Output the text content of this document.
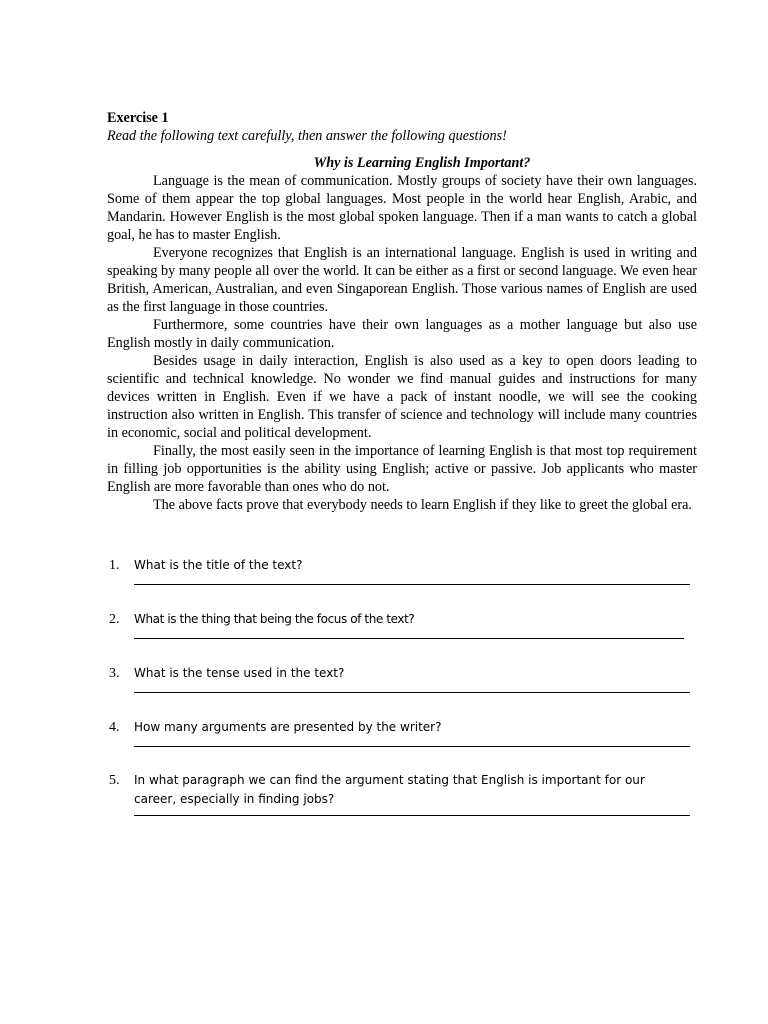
Exercise 1

Read the following text carefully, then answer the following questions!

Why is Learning English Important?

Language is the mean of communication. Mostly groups of society have their own languages. Some of them appear the top global languages. Most people in the world hear English, Arabic, and Mandarin. However English is the most global spoken language. Then if a man wants to catch a global goal, he has to master English.

Everyone recognizes that English is an international language. English is used in writing and speaking by many people all over the world. It can be either as a first or second language. We even hear British, American, Australian, and even Singaporean English. Those various names of English are used as the first language in those countries.

Furthermore, some countries have their own languages as a mother language but also use English mostly in daily communication.

Besides usage in daily interaction, English is also used as a key to open doors leading to scientific and technical knowledge. No wonder we find manual guides and instructions for many devices written in English. Even if we have a pack of instant noodle, we will see the cooking instruction also written in English. This transfer of science and technology will include many countries in economic, social and political development.

Finally, the most easily seen in the importance of learning English is that most top requirement in filling job opportunities is the ability using English; active or passive. Job applicants who master English are more favorable than ones who do not.

The above facts prove that everybody needs to learn English if they like to greet the global era.

1. What is the title of the text?
2. What is the thing that being the focus of the text?
3. What is the tense used in the text?
4. How many arguments are presented by the writer?
5. In what paragraph we can find the argument stating that English is important for our career, especially in finding jobs?
